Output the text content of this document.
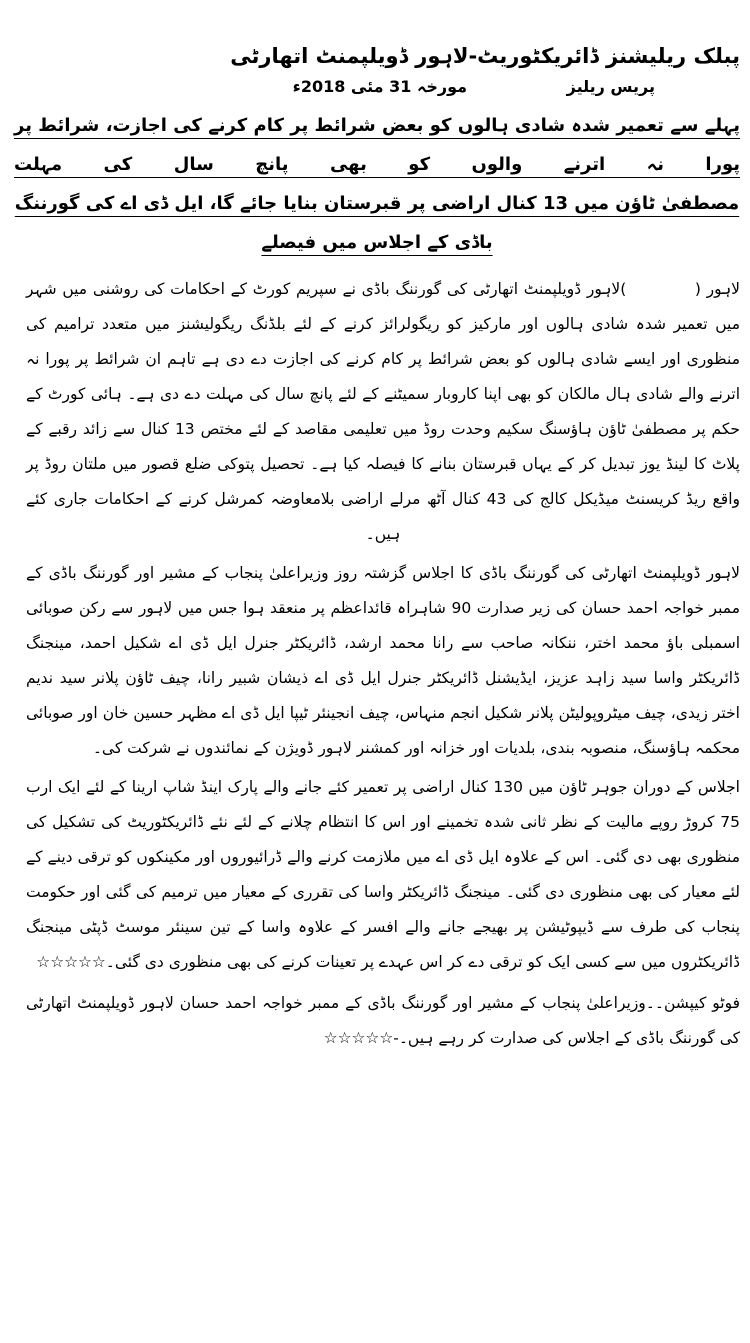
پبلک ریلیشنز ڈائریکٹوریٹ-لاہور ڈویلپمنٹ اتھارٹی
پریس ریلیز
مورخہ 31 مئی 2018ء
پہلے سے تعمیر شدہ شادی ہالوں کو بعض شرائط پر کام کرنے کی اجازت، شرائط پر پورا نہ اترنے والوں کو بھی پانچ سال کی مہلت
مصطفیٰ ٹاؤن میں 13 کنال اراضی پر قبرستان بنایا جائے گا، ایل ڈی اے کی گورننگ باڈی کے اجلاس میں فیصلے

لاہور (            )لاہور ڈویلپمنٹ اتھارٹی کی گورننگ باڈی نے سپریم کورٹ کے احکامات کی روشنی میں شہر میں تعمیر شدہ شادی ہالوں اور مارکیز کو ریگولرائز کرنے کے لئے بلڈنگ ریگولیشنز میں متعدد ترامیم کی منظوری اور ایسے شادی ہالوں کو بعض شرائط پر کام کرنے کی اجازت دے دی ہے تاہم ان شرائط پر پورا نہ اترنے والے شادی ہال مالکان کو بھی اپنا کاروبار سمیٹنے کے لئے پانچ سال کی مہلت دے دی ہے۔ ہائی کورٹ کے حکم پر مصطفیٰ ٹاؤن ہاؤسنگ سکیم وحدت روڈ میں تعلیمی مقاصد کے لئے مختص 13 کنال سے زائد رقبے کے پلاٹ کا لینڈ یوز تبدیل کر کے یہاں قبرستان بنانے کا فیصلہ کیا ہے۔ تحصیل پتوکی ضلع قصور میں ملتان روڈ پر واقع ریڈ کریسنٹ میڈیکل کالج کی 43 کنال آٹھ مرلے اراضی بلامعاوضہ کمرشل کرنے کے احکامات جاری کئے ہیں۔

لاہور ڈویلپمنٹ اتھارٹی کی گورننگ باڈی کا اجلاس گزشتہ روز وزیراعلیٰ پنجاب کے مشیر اور گورننگ باڈی کے ممبر خواجہ احمد حسان کی زیر صدارت 90 شاہراہ قائداعظم پر منعقد ہوا جس میں لاہور سے رکن صوبائی اسمبلی باؤ محمد اختر، ننکانہ صاحب سے رانا محمد ارشد، ڈائریکٹر جنرل ایل ڈی اے شکیل احمد، مینجنگ ڈائریکٹر واسا سید زاہد عزیز، ایڈیشنل ڈائریکٹر جنرل ایل ڈی اے ذیشان شبیر رانا، چیف ٹاؤن پلانر سید ندیم اختر زیدی، چیف میٹروپولیٹن پلانر شکیل انجم منہاس، چیف انجینئر ٹیپا ایل ڈی اے مظہر حسین خان اور صوبائی محکمہ ہاؤسنگ، منصوبہ بندی، بلدیات اور خزانہ اور کمشنر لاہور ڈویژن کے نمائندوں نے شرکت کی۔

اجلاس کے دوران جوہر ٹاؤن میں 130 کنال اراضی پر تعمیر کئے جانے والے پارک اینڈ شاپ ارینا کے لئے ایک ارب 75 کروڑ روپے مالیت کے نظر ثانی شدہ تخمینے اور اس کا انتظام چلانے کے لئے نئے ڈائریکٹوریٹ کی تشکیل کی منظوری بھی دی گئی۔ اس کے علاوہ ایل ڈی اے میں ملازمت کرنے والے ڈرائیوروں اور مکینکوں کو ترقی دینے کے لئے معیار کی بھی منظوری دی گئی۔ مینجنگ ڈائریکٹر واسا کی تقرری کے معیار میں ترمیم کی گئی اور حکومت پنجاب کی طرف سے ڈیپوٹیشن پر بھیجے جانے والے افسر کے علاوہ واسا کے تین سینئر موسٹ ڈپٹی مینجنگ ڈائریکٹروں میں سے کسی ایک کو ترقی دے کر اس عہدے پر تعینات کرنے کی بھی منظوری دی گئی۔☆☆☆☆☆

فوٹو کیپشن۔۔وزیراعلیٰ پنجاب کے مشیر اور گورننگ باڈی کے ممبر خواجہ احمد حسان لاہور ڈویلپمنٹ اتھارٹی کی گورننگ باڈی کے اجلاس کی صدارت کر رہے ہیں۔-☆☆☆☆☆
